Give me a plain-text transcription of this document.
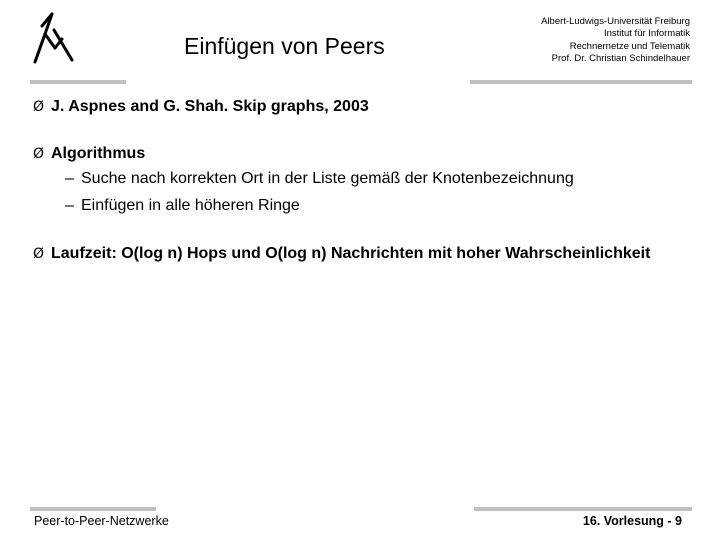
Einfügen von Peers
Albert-Ludwigs-Universität Freiburg
Institut für Informatik
Rechnernetze und Telematik
Prof. Dr. Christian Schindelhauer
Ø J. Aspnes and G. Shah. Skip graphs, 2003
Ø Algorithmus
– Suche nach korrekten Ort in der Liste gemäß der Knotenbezeichnung
– Einfügen in alle höheren Ringe
Ø Laufzeit: O(log n) Hops und O(log n) Nachrichten mit hoher Wahrscheinlichkeit
Peer-to-Peer-Netzwerke	16. Vorlesung - 9
